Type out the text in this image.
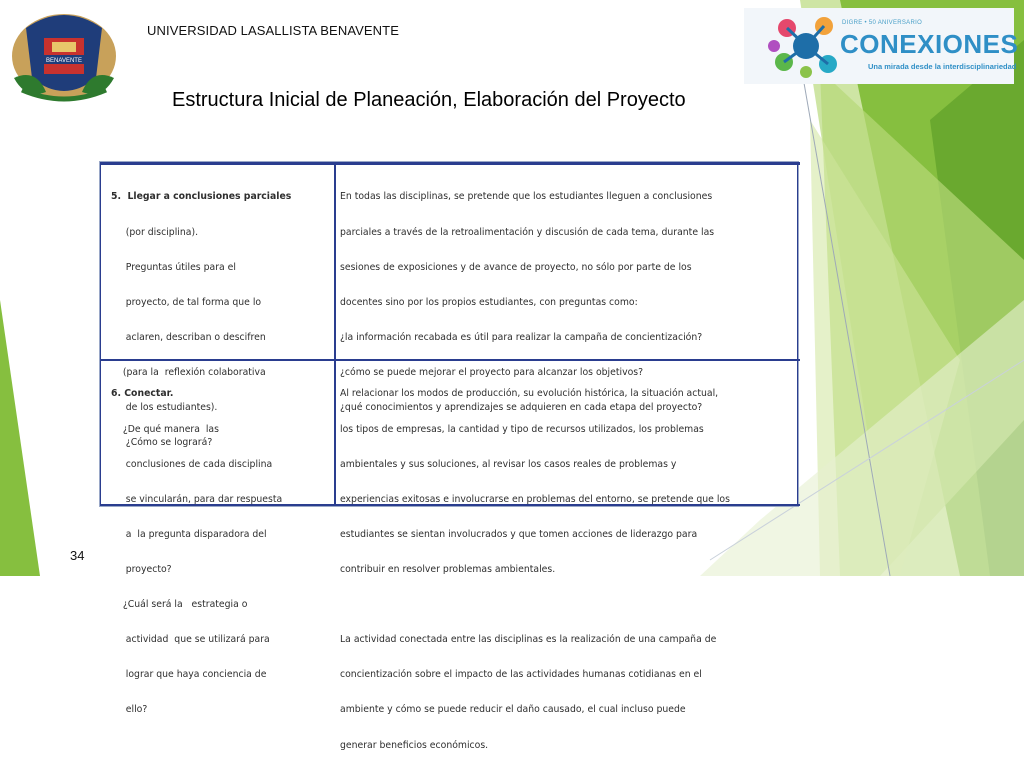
BENAVENTE
UNIVERSIDAD LASALLISTA BENAVENTE	DIGRE • 50 ANIVERSARIO
CONEXIONES
Una mirada desde la interdisciplinariedad
Estructura Inicial de Planeación, Elaboración del Proyecto

5.  Llegar a conclusiones parciales

(por disciplina).

Preguntas útiles para el

proyecto, de tal forma que lo

aclaren, describan o descifren

(para la  reflexión colaborativa

de los estudiantes).

¿Cómo se logrará?

En todas las disciplinas, se pretende que los estudiantes lleguen a conclusiones

parciales a través de la retroalimentación y discusión de cada tema, durante las

sesiones de exposiciones y de avance de proyecto, no sólo por parte de los

docentes sino por los propios estudiantes, con preguntas como:

¿la información recabada es útil para realizar la campaña de concientización?

¿cómo se puede mejorar el proyecto para alcanzar los objetivos?

¿qué conocimientos y aprendizajes se adquieren en cada etapa del proyecto?

6. Conectar.

¿De qué manera  las

conclusiones de cada disciplina

se vincularán, para dar respuesta

a  la pregunta disparadora del

proyecto?

¿Cuál será la   estrategia o

actividad  que se utilizará para

lograr que haya conciencia de

ello?

Al relacionar los modos de producción, su evolución histórica, la situación actual,

los tipos de empresas, la cantidad y tipo de recursos utilizados, los problemas

ambientales y sus soluciones, al revisar los casos reales de problemas y

experiencias exitosas e involucrarse en problemas del entorno, se pretende que los

estudiantes se sientan involucrados y que tomen acciones de liderazgo para

contribuir en resolver problemas ambientales.

La actividad conectada entre las disciplinas es la realización de una campaña de

concientización sobre el impacto de las actividades humanas cotidianas en el

ambiente y cómo se puede reducir el daño causado, el cual incluso puede

generar beneficios económicos.

34
